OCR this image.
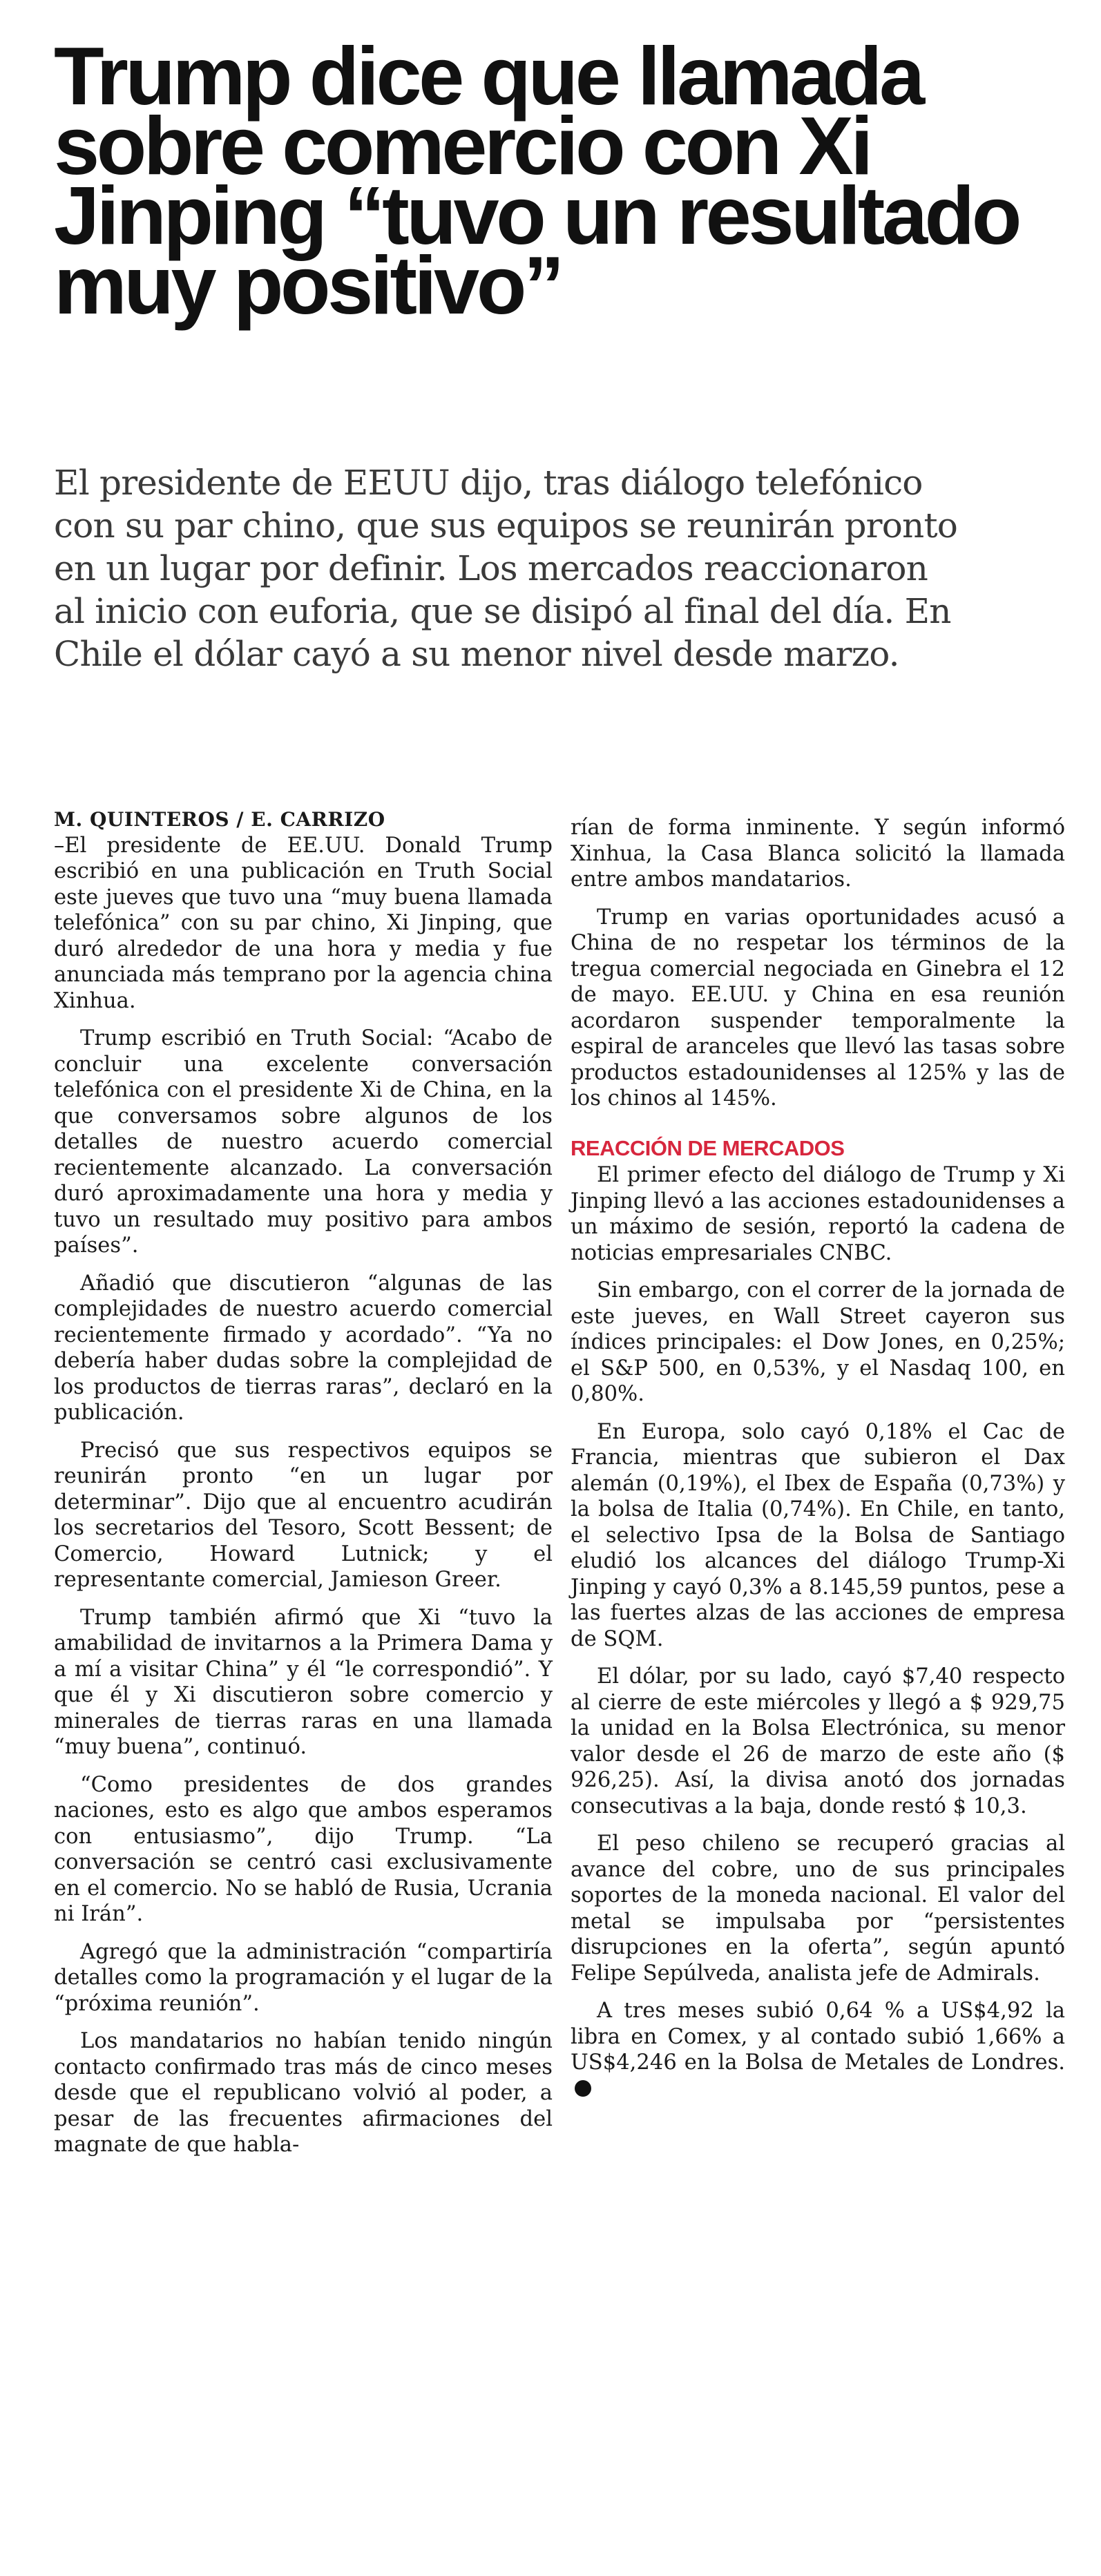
Trump dice que llamada
sobre comercio con Xi
Jinping “tuvo un resultado
muy positivo”
El presidente de EEUU dijo, tras diálogo telefónico
con su par chino, que sus equipos se reunirán pronto
en un lugar por definir. Los mercados reaccionaron
al inicio con euforia, que se disipó al final del día. En
Chile el dólar cayó a su menor nivel desde marzo.
M. QUINTEROS / E. CARRIZO

–El presidente de EE.UU. Donald Trump escribió en una publicación en Truth Social este jueves que tuvo una “muy buena llamada telefónica” con su par chino, Xi Jinping, que duró alrededor de una hora y media y fue anunciada más temprano por la agencia china Xinhua.

Trump escribió en Truth Social: “Acabo de concluir una excelente conversación telefónica con el presidente Xi de China, en la que conversamos sobre algunos de los detalles de nuestro acuerdo comercial recientemente alcanzado. La conversación duró aproximadamente una hora y media y tuvo un resultado muy positivo para ambos países”.

Añadió que discutieron “algunas de las complejidades de nuestro acuerdo comercial recientemente firmado y acordado”. “Ya no debería haber dudas sobre la complejidad de los productos de tierras raras”, declaró en la publicación.

Precisó que sus respectivos equipos se reunirán pronto “en un lugar por determinar”. Dijo que al encuentro acudirán los secretarios del Tesoro, Scott Bessent; de Comercio, Howard Lutnick; y el representante comercial, Jamieson Greer.

Trump también afirmó que Xi “tuvo la amabilidad de invitarnos a la Primera Dama y a mí a visitar China” y él “le correspondió”. Y que él y Xi discutieron sobre comercio y minerales de tierras raras en una llamada “muy buena”, continuó.

“Como presidentes de dos grandes naciones, esto es algo que ambos esperamos con entusiasmo”, dijo Trump. “La conversación se centró casi exclusivamente en el comercio. No se habló de Rusia, Ucrania ni Irán”.

Agregó que la administración “compartiría detalles como la programación y el lugar de la “próxima reunión”.

Los mandatarios no habían tenido ningún contacto confirmado tras más de cinco meses desde que el republicano volvió al poder, a pesar de las frecuentes afirmaciones del magnate de que habla-

rían de forma inminente. Y según informó Xinhua, la Casa Blanca solicitó la llamada entre ambos mandatarios.

Trump en varias oportunidades acusó a China de no respetar los términos de la tregua comercial negociada en Ginebra el 12 de mayo. EE.UU. y China en esa reunión acordaron suspender temporalmente la espiral de aranceles que llevó las tasas sobre productos estadounidenses al 125% y las de los chinos al 145%.

REACCIÓN DE MERCADOS

El primer efecto del diálogo de Trump y Xi Jinping llevó a las acciones estadounidenses a un máximo de sesión, reportó la cadena de noticias empresariales CNBC.

Sin embargo, con el correr de la jornada de este jueves, en Wall Street cayeron sus índices principales: el Dow Jones, en 0,25%; el S&P 500, en 0,53%, y el Nasdaq 100, en 0,80%.

En Europa, solo cayó 0,18% el Cac de Francia, mientras que subieron el Dax alemán (0,19%), el Ibex de España (0,73%) y la bolsa de Italia (0,74%). En Chile, en tanto, el selectivo Ipsa de la Bolsa de Santiago eludió los alcances del diálogo Trump-Xi Jinping y cayó 0,3% a 8.145,59 puntos, pese a las fuertes alzas de las acciones de empresa de SQM.

El dólar, por su lado, cayó $7,40 respecto al cierre de este miércoles y llegó a $ 929,75 la unidad en la Bolsa Electrónica, su menor valor desde el 26 de marzo de este año ($ 926,25). Así, la divisa anotó dos jornadas consecutivas a la baja, donde restó $ 10,3.

El peso chileno se recuperó gracias al avance del cobre, uno de sus principales soportes de la moneda nacional. El valor del metal se impulsaba por “persistentes disrupciones en la oferta”, según apuntó Felipe Sepúlveda, analista jefe de Admirals.

A tres meses subió 0,64 % a US$4,92 la libra en Comex, y al contado subió 1,66% a US$4,246 en la Bolsa de Metales de Londres.P
